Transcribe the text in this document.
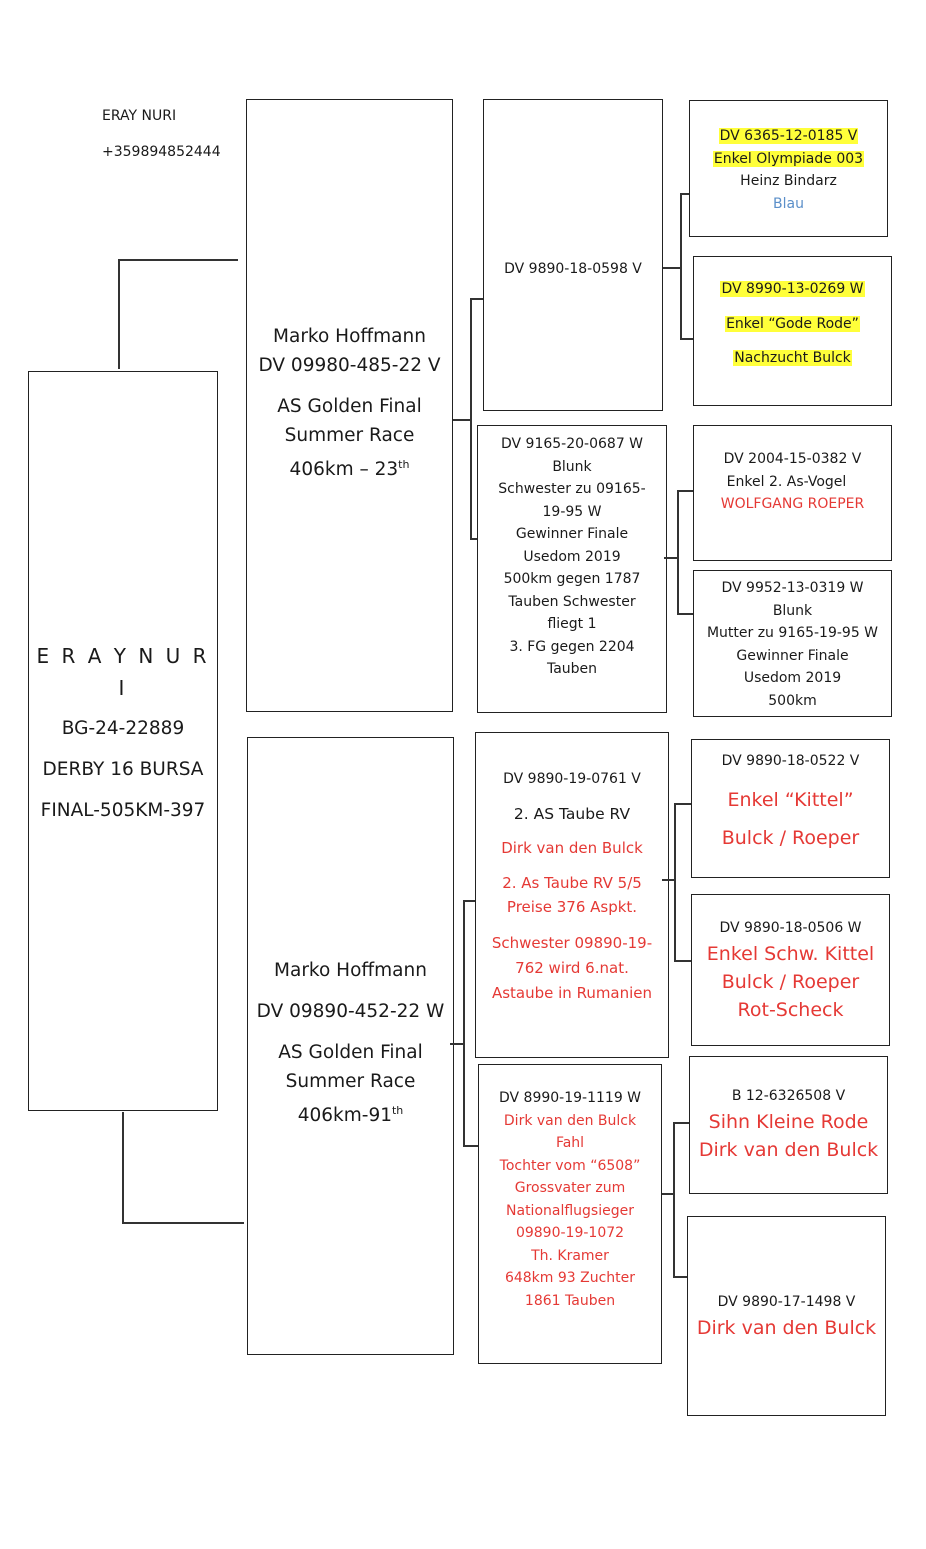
ERAY NURI
+359894852444

E R A Y N U R I

BG-24-22889

DERBY 16 BURSA

FINAL-505KM-397

Marko Hoffmann

DV 09980-485-22 V

AS Golden Final

Summer Race

406km – 23th

Marko Hoffmann

DV 09890-452-22 W

AS Golden Final

Summer Race

406km-91th

DV 9890-18-0598 V

DV 9165-20-0687 W

Blunk

Schwester zu 09165-

19-95 W

Gewinner Finale

Usedom 2019

500km gegen 1787

Tauben Schwester

fliegt 1

3. FG gegen 2204

Tauben

DV 9890-19-0761 V

2. AS Taube RV

Dirk van den Bulck

2. As Taube RV 5/5

Preise 376 Aspkt.

Schwester 09890-19-

762 wird 6.nat.

Astaube in Rumanien

DV 8990-19-1119 W

Dirk van den Bulck

Fahl

Tochter vom “6508”

Grossvater zum

Nationalflugsieger

09890-19-1072

Th. Kramer

648km 93 Zuchter

1861 Tauben

DV 6365-12-0185 V

Enkel Olympiade 003

Heinz Bindarz

Blau

DV 8990-13-0269 W

Enkel “Gode Rode”

Nachzucht Bulck

DV 2004-15-0382 V

Enkel 2. As-Vogel

WOLFGANG ROEPER

DV 9952-13-0319 W

Blunk

Mutter zu 9165-19-95 W

Gewinner Finale

Usedom 2019

500km

DV 9890-18-0522 V

Enkel “Kittel”

Bulck / Roeper

DV 9890-18-0506 W

Enkel Schw. Kittel

Bulck / Roeper

Rot-Scheck

B 12-6326508 V

Sihn Kleine Rode

Dirk van den Bulck

DV 9890-17-1498 V

Dirk van den Bulck
